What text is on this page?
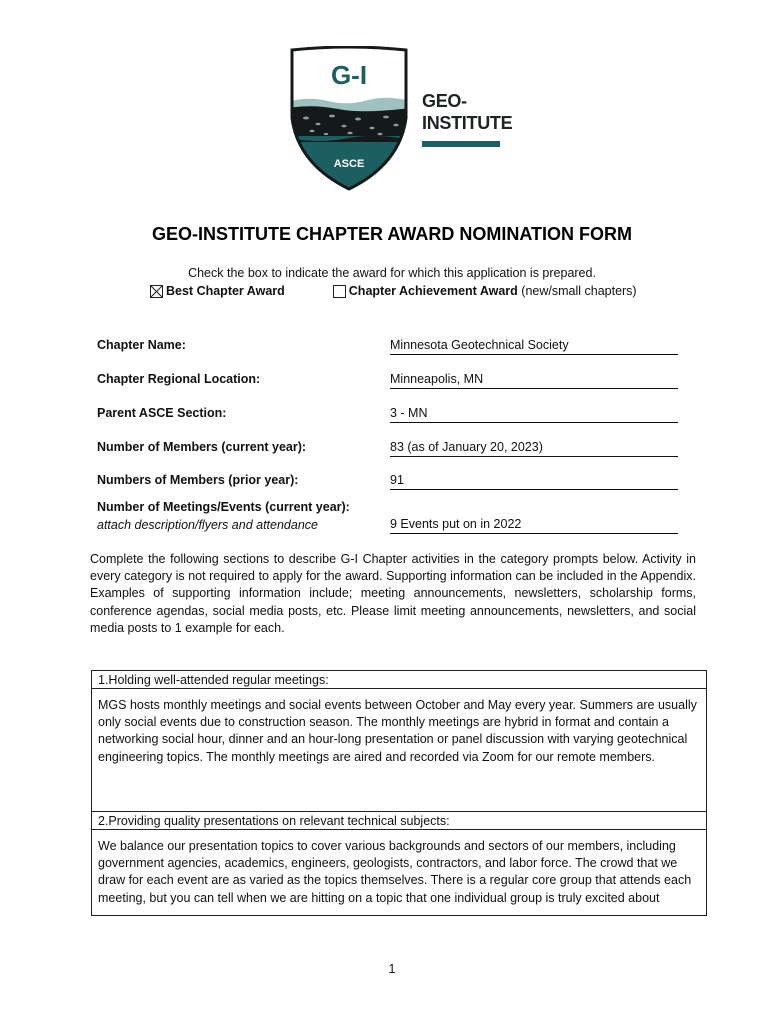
G-I
ASCE
GEO-
INSTITUTE
GEO-INSTITUTE CHAPTER AWARD NOMINATION FORM
Check the box to indicate the award for which this application is prepared.
Best Chapter Award	Chapter Achievement Award (new/small chapters)
Chapter Name:	Minnesota Geotechnical Society
Chapter Regional Location:	Minneapolis, MN
Parent ASCE Section:	3 - MN
Number of Members (current year):	83 (as of January 20, 2023)
Numbers of Members (prior year):	91
Number of Meetings/Events (current year):
attach description/flyers and attendance	9 Events put on in 2022
Complete the following sections to describe G-I Chapter activities in the category prompts below. Activity in every category is not required to apply for the award. Supporting information can be included in the Appendix. Examples of supporting information include; meeting announcements, newsletters, scholarship forms, conference agendas, social media posts, etc. Please limit meeting announcements, newsletters, and social media posts to 1 example for each.
1.Holding well-attended regular meetings:
MGS hosts monthly meetings and social events between October and May every year. Summers are usually only social events due to construction season. The monthly meetings are hybrid in format and contain a networking social hour, dinner and an hour-long presentation or panel discussion with varying geotechnical engineering topics. The monthly meetings are aired and recorded via Zoom for our remote members.
2.Providing quality presentations on relevant technical subjects:
We balance our presentation topics to cover various backgrounds and sectors of our members, including government agencies, academics, engineers, geologists, contractors, and labor force. The crowd that we draw for each event are as varied as the topics themselves. There is a regular core group that attends each meeting, but you can tell when we are hitting on a topic that one individual group is truly excited about
1
